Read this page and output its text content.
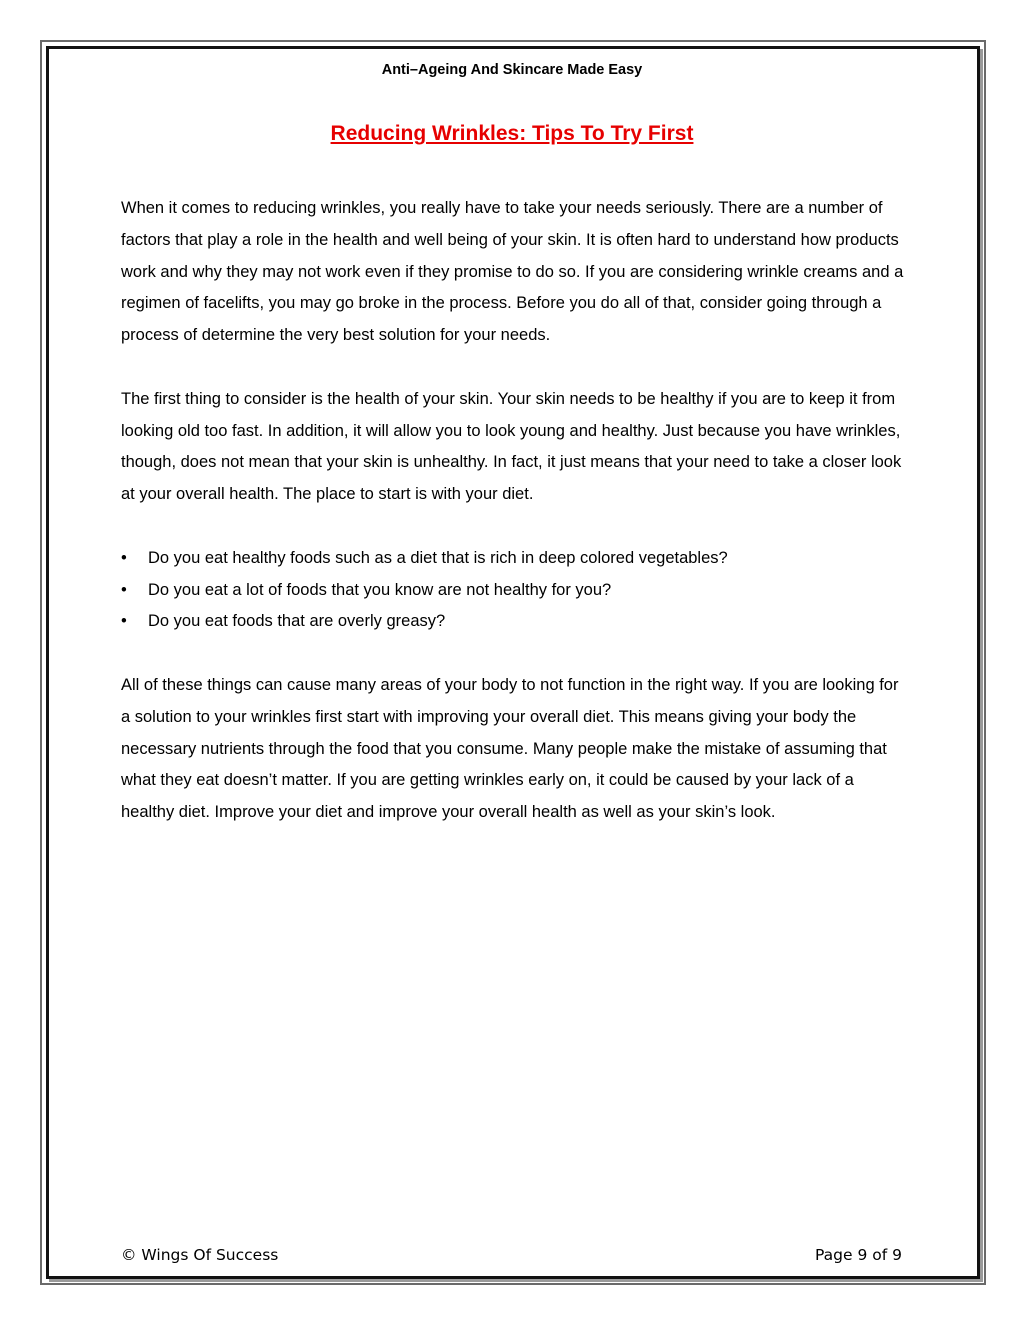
Anti–Ageing And Skincare Made Easy
Reducing Wrinkles: Tips To Try First

When it comes to reducing wrinkles, you really have to take your needs seriously. There are a number of factors that play a role in the health and well being of your skin. It is often hard to understand how products work and why they may not work even if they promise to do so. If you are considering wrinkle creams and a regimen of facelifts, you may go broke in the process. Before you do all of that, consider going through a process of determine the very best solution for your needs.

The first thing to consider is the health of your skin. Your skin needs to be healthy if you are to keep it from looking old too fast. In addition, it will allow you to look young and healthy. Just because you have wrinkles, though, does not mean that your skin is unhealthy. In fact, it just means that your need to take a closer look at your overall health. The place to start is with your diet.

• Do you eat healthy foods such as a diet that is rich in deep colored vegetables?
• Do you eat a lot of foods that you know are not healthy for you?
• Do you eat foods that are overly greasy?

All of these things can cause many areas of your body to not function in the right way. If you are looking for a solution to your wrinkles first start with improving your overall diet. This means giving your body the necessary nutrients through the food that you consume. Many people make the mistake of assuming that what they eat doesn’t matter. If you are getting wrinkles early on, it could be caused by your lack of a healthy diet. Improve your diet and improve your overall health as well as your skin’s look.

© Wings Of Success	Page 9 of 9
